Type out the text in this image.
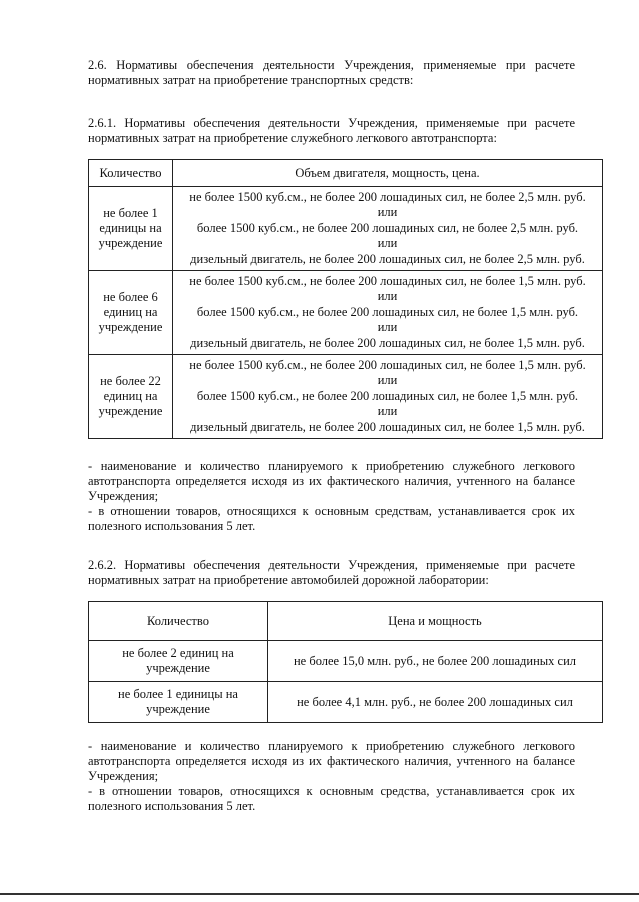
2.6. Нормативы обеспечения деятельности Учреждения, применяемые при расчете нормативных затрат на приобретение транспортных средств:
2.6.1. Нормативы обеспечения деятельности Учреждения, применяемые при расчете нормативных затрат на приобретение служебного легкового автотранспорта:
Количество	Объем двигателя, мощность, цена.
не более 1 единицы на учреждение	не более 1500 куб.см., не более 200 лошадиных сил, не более 2,5 млн. руб.
или
более 1500 куб.см., не более 200 лошадиных сил, не более 2,5 млн. руб.
или
дизельный двигатель, не более 200 лошадиных сил, не более 2,5 млн. руб.

не более 6 единиц на учреждение	не более 1500 куб.см., не более 200 лошадиных сил, не более 1,5 млн. руб.
или
более 1500 куб.см., не более 200 лошадиных сил, не более 1,5 млн. руб.
или
дизельный двигатель, не более 200 лошадиных сил, не более 1,5 млн. руб.

не более 22 единиц на учреждение	не более 1500 куб.см., не более 200 лошадиных сил, не более 1,5 млн. руб.
или
более 1500 куб.см., не более 200 лошадиных сил, не более 1,5 млн. руб.
или
дизельный двигатель, не более 200 лошадиных сил, не более 1,5 млн. руб.
- наименование и количество планируемого к приобретению служебного легкового автотранспорта определяется исходя из их фактического наличия, учтенного на балансе Учреждения;
- в отношении товаров, относящихся к основным средствам, устанавливается срок их полезного использования 5 лет.
2.6.2. Нормативы обеспечения деятельности Учреждения, применяемые при расчете нормативных затрат на приобретение автомобилей дорожной лаборатории:
Количество	Цена и мощность
не более 2 единиц на учреждение	не более 15,0 млн. руб., не более 200 лошадиных сил
не более 1 единицы на учреждение	не более 4,1 млн. руб., не более 200 лошадиных сил
- наименование и количество планируемого к приобретению служебного легкового автотранспорта определяется исходя из их фактического наличия, учтенного на балансе Учреждения;
- в отношении товаров, относящихся к основным средства, устанавливается срок их полезного использования 5 лет.
